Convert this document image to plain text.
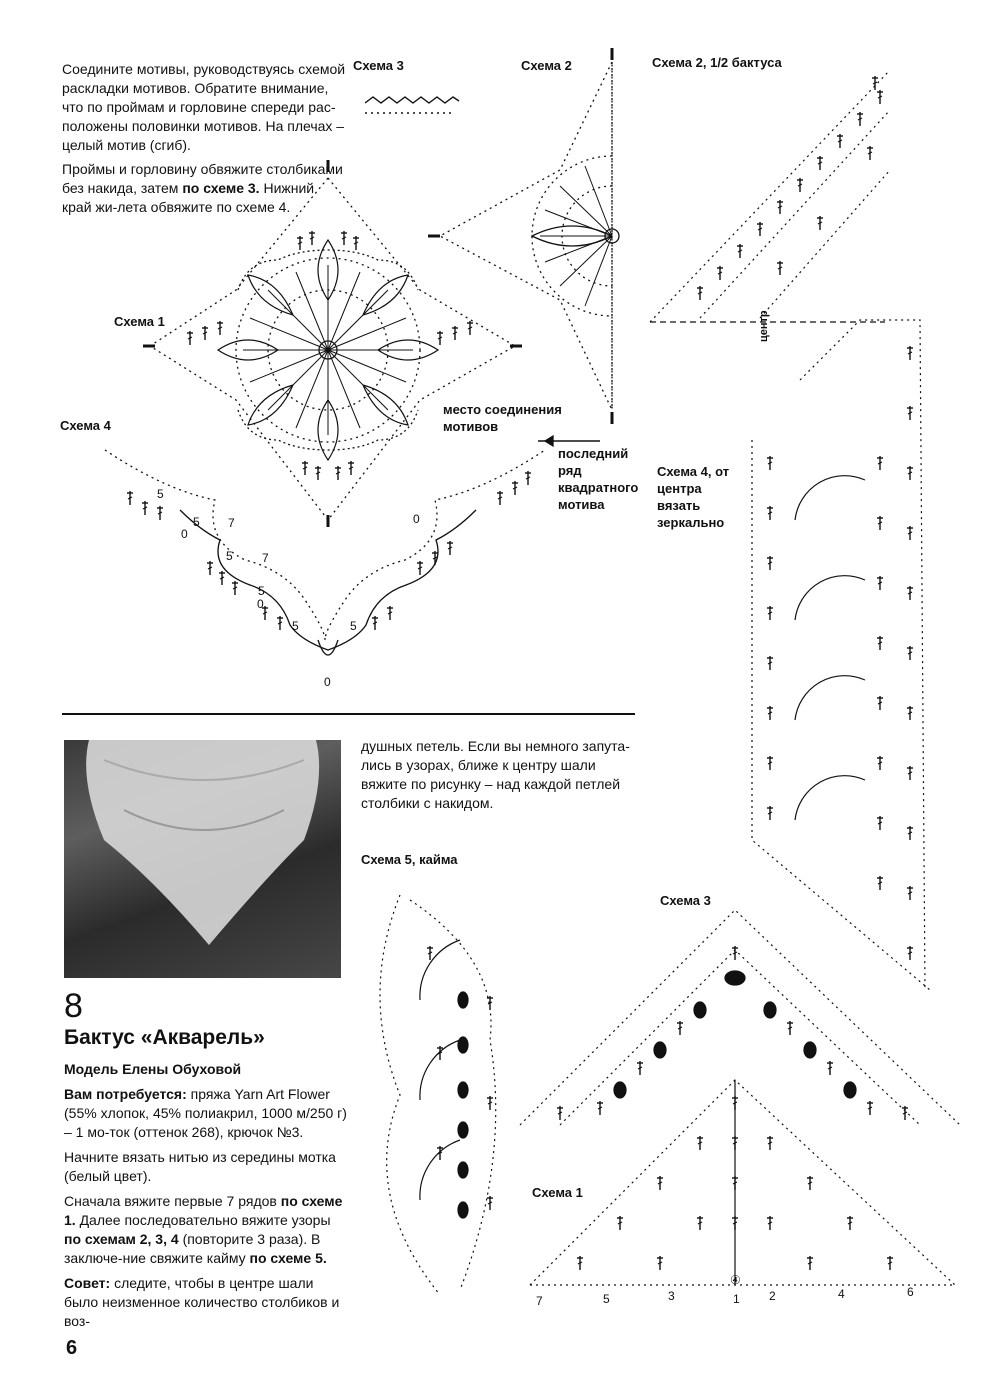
5
5 7
5 7
5
5	5
0
0
0
0
7	5	3
④
1 2	4	6

Соедините мотивы, руководствуясь схемой раскладки мотивов. Обратите внимание, что по проймам и горловине спереди рас-положены половинки мотивов. На плечах – целый мотив (сгиб).

Проймы и горловину обвяжите столбиками без накида, затем по схеме 3. Нижний край жи-лета обвяжите по схеме 4.

Схема 3	Схема 2	Схема 2, 1/2 бактуса
Схема 1
Схема 4
место соединения мотивов
последний ряд квадратного мотива
центр
Схема 4, от центра вязать зеркально
Схема 5, кайма
Схема 3
Схема 1
8
Бактус «Акварель»
Модель Елены Обуховой

Вам потребуется: пряжа Yarn Art Flower (55% хлопок, 45% полиакрил, 1000 м/250 г) – 1 мо-ток (оттенок 268), крючок №3.

Начните вязать нитью из середины мотка (белый цвет).

Сначала вяжите первые 7 рядов по схеме 1. Далее последовательно вяжите узоры по схемам 2, 3, 4 (повторите 3 раза). В заключе-ние свяжите кайму по схеме 5.

Совет: следите, чтобы в центре шали было неизменное количество столбиков и воз-

душных петель. Если вы немного запута-лись в узорах, ближе к центру шали вяжите по рисунку – над каждой петлей столбики с накидом.
6
